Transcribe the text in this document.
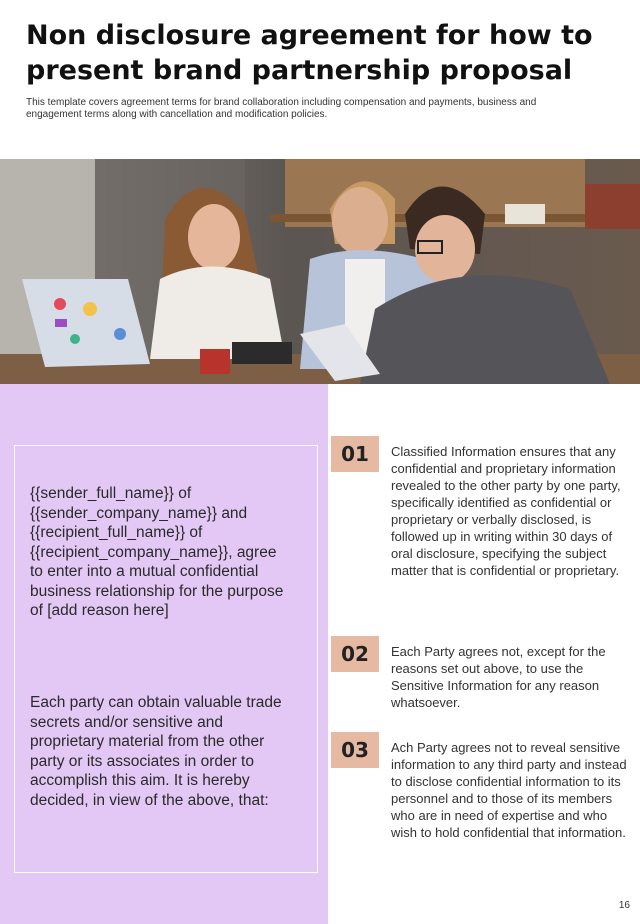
Non disclosure agreement for how to present brand partnership proposal

This template covers agreement terms for brand collaboration including compensation and payments, business and engagement terms along with cancellation and modification policies.

{{sender_full_name}} of {{sender_company_name}} and {{recipient_full_name}} of {{recipient_company_name}}, agree to enter into a mutual confidential business relationship for the purpose of [add reason here]

Each party can obtain valuable trade secrets and/or sensitive and proprietary material from the other party or its associates in order to accomplish this aim. It is hereby decided, in view of the above, that:

01	Classified Information ensures that any confidential and proprietary information revealed to the other party by one party, specifically identified as confidential or proprietary or verbally disclosed, is followed up in writing within 30 days of oral disclosure, specifying the subject matter that is confidential or proprietary.

02	Each Party agrees not, except for the reasons set out above, to use the Sensitive Information for any reason whatsoever.

03	Ach Party agrees not to reveal sensitive information to any third party and instead to disclose confidential information to its personnel and to those of its members who are in need of expertise and who wish to hold confidential that information.

16
